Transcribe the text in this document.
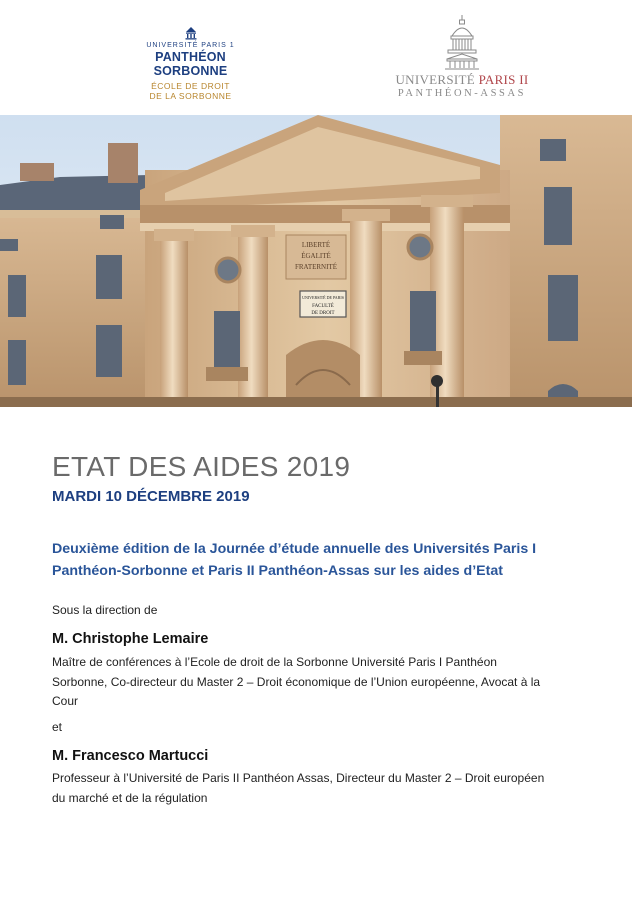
UNIVERSITÉ PARIS 1
PANTHÉON SORBONNE
ÉCOLE DE DROIT
DE LA SORBONNE
UNIVERSITÉ PARIS II
PANTHÉON-ASSAS
LIBERTÉ
ÉGALITÉ
FRATERNITÉ
UNIVERSITÉ DE PARIS
FACULTÉ
DE DROIT
ETAT DES AIDES 2019
MARDI 10 DÉCEMBRE 2019
Deuxième édition de la Journée d’étude annuelle des Universités Paris I Panthéon-Sorbonne et Paris II Panthéon-Assas sur les aides d’Etat
Sous la direction de
M. Christophe Lemaire
Maître de conférences à l’Ecole de droit de la Sorbonne Université Paris I Panthéon Sorbonne, Co-directeur du Master 2 – Droit économique de l’Union européenne, Avocat à la Cour
et
M. Francesco Martucci
Professeur à l’Université de Paris II Panthéon Assas, Directeur du Master 2 – Droit européen du marché et de la régulation
